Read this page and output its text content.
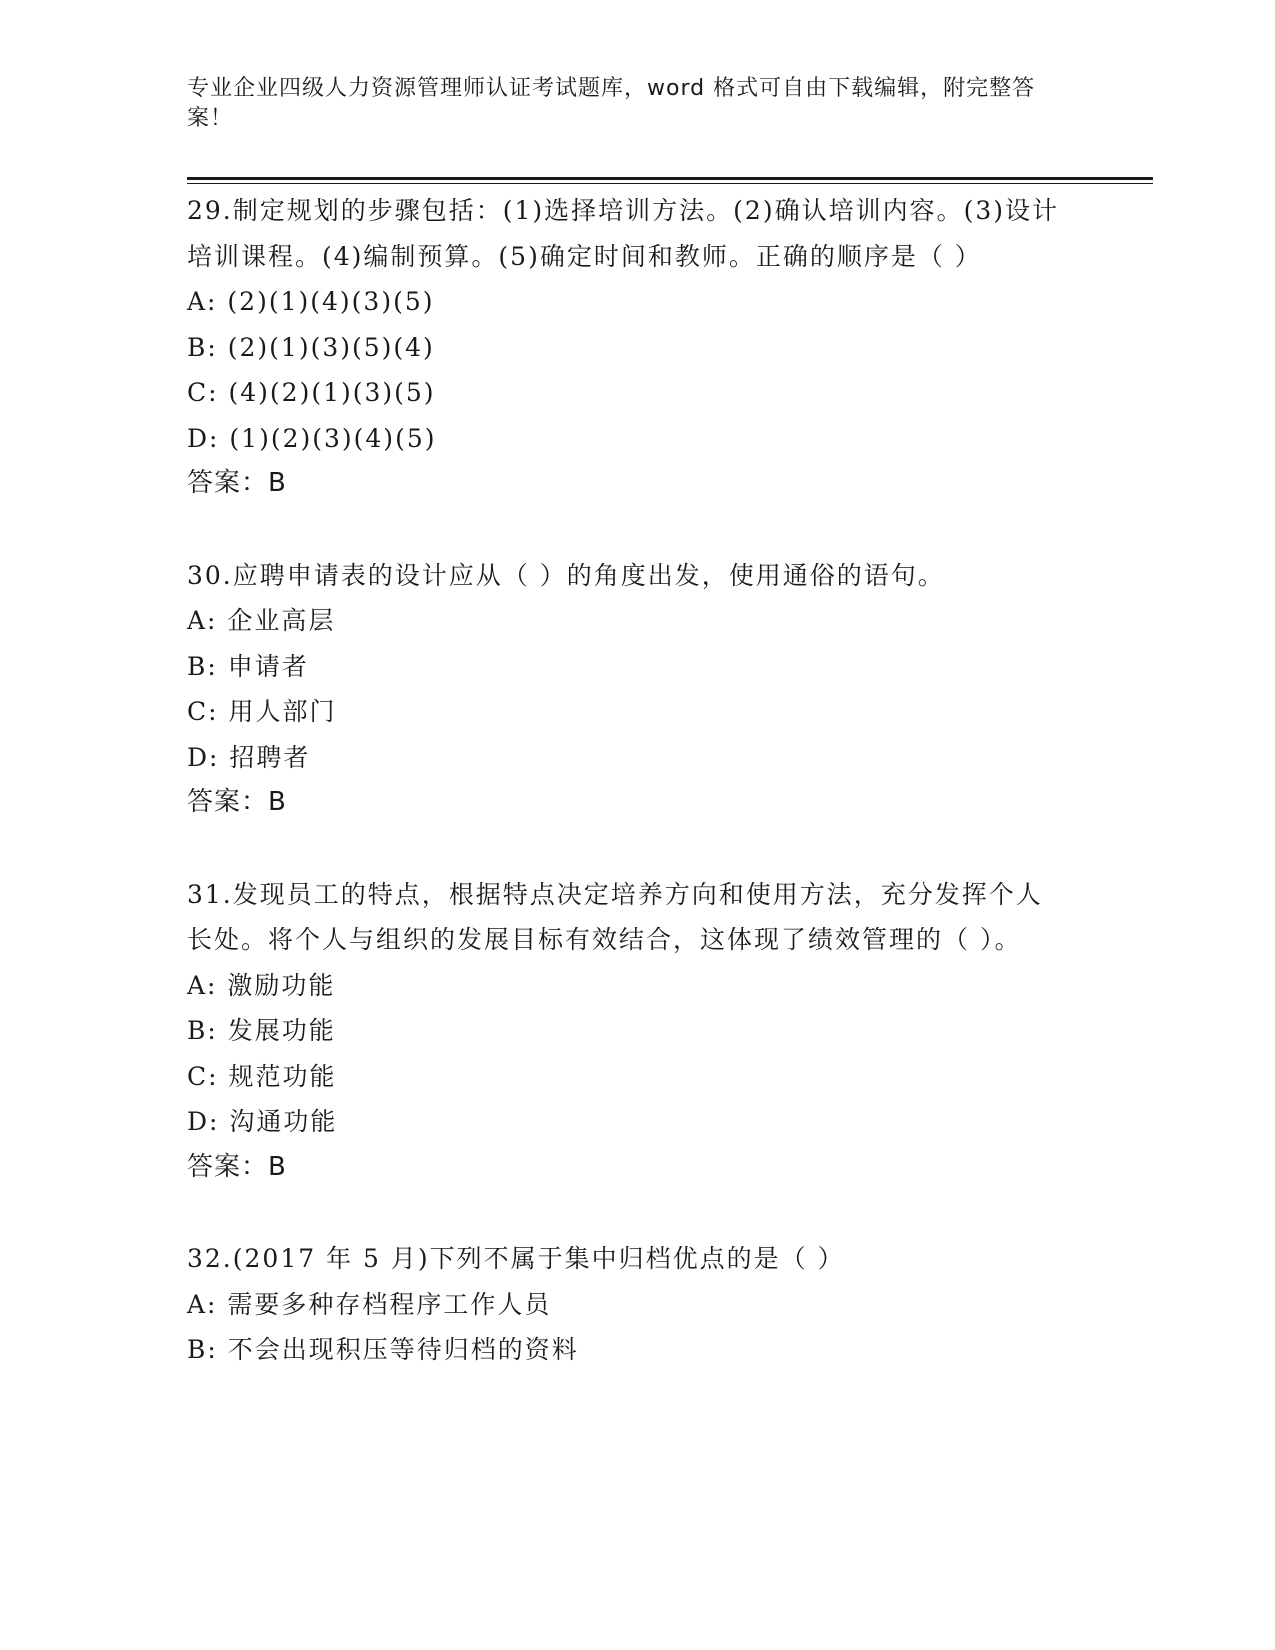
专业企业四级人力资源管理师认证考试题库，word 格式可自由下载编辑，附完整答案！

29.制定规划的步骤包括：(1)选择培训方法。(2)确认培训内容。(3)设计培训课程。(4)编制预算。(5)确定时间和教师。正确的顺序是（ ）

A: (2)(1)(4)(3)(5)

B: (2)(1)(3)(5)(4)

C: (4)(2)(1)(3)(5)

D: (1)(2)(3)(4)(5)

答案：B

30.应聘申请表的设计应从（ ）的角度出发，使用通俗的语句。

A: 企业高层

B: 申请者

C: 用人部门

D: 招聘者

答案：B

31.发现员工的特点，根据特点决定培养方向和使用方法，充分发挥个人长处。将个人与组织的发展目标有效结合，这体现了绩效管理的（ ）。

A: 激励功能

B: 发展功能

C: 规范功能

D: 沟通功能

答案：B

32.(2017 年 5 月)下列不属于集中归档优点的是（ ）

A: 需要多种存档程序工作人员

B: 不会出现积压等待归档的资料
